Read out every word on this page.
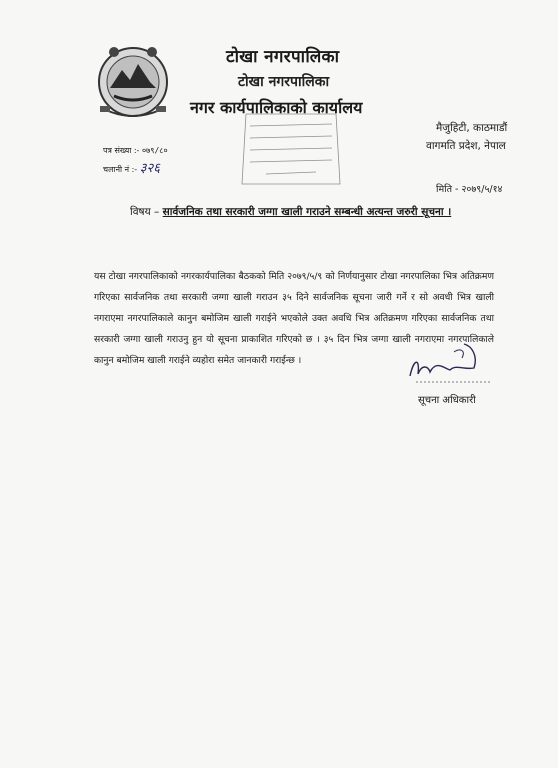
टोखा नगरपालिका
टोखा नगरपालिका
नगर कार्यपालिकाको कार्यालय
मैजुहिटी, काठमाडौं
वागमति प्रदेश, नेपाल
पत्र संख्या :- ०७९/८०
चलानी नं :- ३२६
मिति - २०७९/५/१४
विषय – सार्वजनिक तथा सरकारी जग्गा खाली गराउने सम्बन्धी अत्यन्त जरुरी सूचना ।
यस टोखा नगरपालिकाको नगरकार्यपालिका बैठकको मिति २०७९/५/९ को निर्णयानुसार टोखा नगरपालिका भित्र अतिक्रमण गरिएका सार्वजनिक तथा सरकारी जग्गा खाली गराउन ३५ दिने सार्वजनिक सूचना जारी गर्ने र सो अवधी भित्र खाली नगराएमा नगरपालिकाले कानुन बमोजिम खाली गराईने भएकोले उक्त अवधि भित्र अतिक्रमण गरिएका सार्वजनिक तथा सरकारी जग्गा खाली गराउनु हुन यो सूचना प्राकाशित गरिएको छ । ३५ दिन भित्र जग्गा खाली नगराएमा नगरपालिकाले कानुन बमोजिम खाली गराईने व्यहोरा समेत जानकारी गराईन्छ ।
सूचना अधिकारी
